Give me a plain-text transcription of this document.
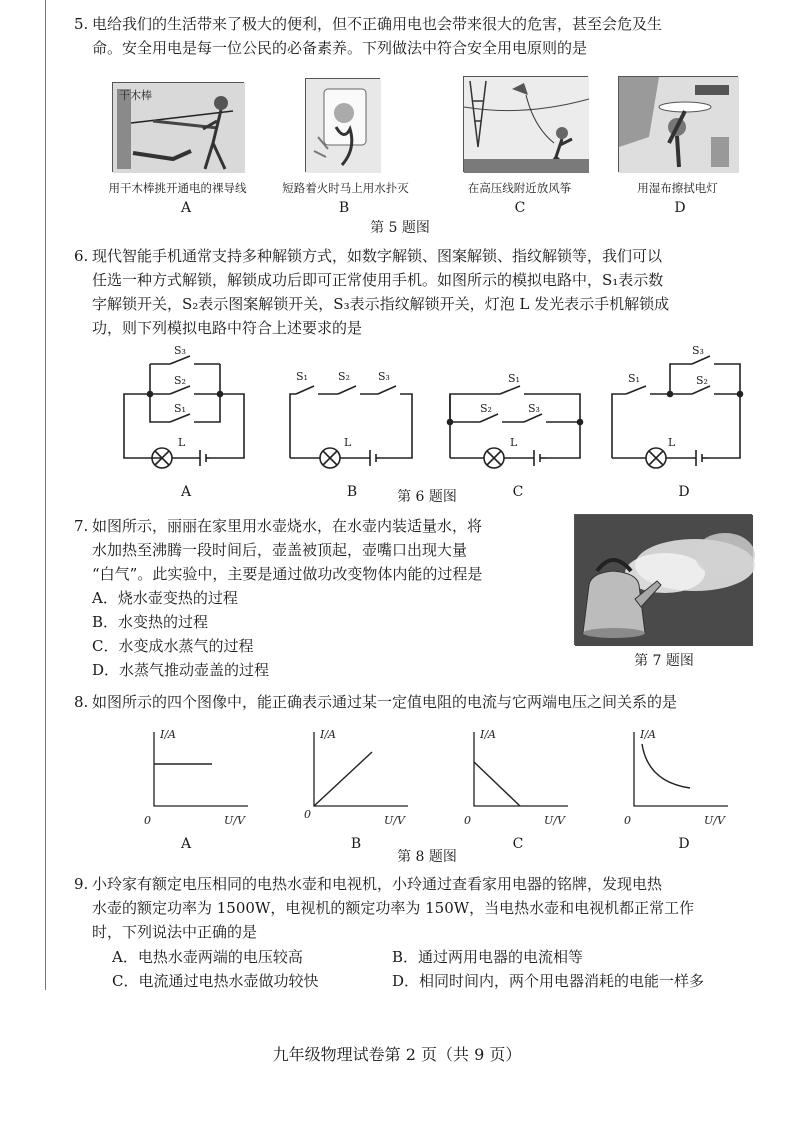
5. 电给我们的生活带来了极大的便利，但不正确用电也会带来很大的危害，甚至会危及生
命。安全用电是每一位公民的必备素养。下列做法中符合安全用电原则的是
干木棒
用干木棒挑开通电的裸导线	短路着火时马上用水扑灭	在高压线附近放风筝	用湿布擦拭电灯
A	B	C	D
第 5 题图
6. 现代智能手机通常支持多种解锁方式，如数字解锁、图案解锁、指纹解锁等，我们可以
任选一种方式解锁，解锁成功后即可正常使用手机。如图所示的模拟电路中，S₁表示数
字解锁开关，S₂表示图案解锁开关，S₃表示指纹解锁开关，灯泡 L 发光表示手机解锁成
功，则下列模拟电路中符合上述要求的是
S₃
S₂
S₁
L
S₁	S₂	S₃
L
S₁
S₂	S₃
L
S₁
S₃
S₂
L
A	B	C	D
第 6 题图
7. 如图所示，丽丽在家里用水壶烧水，在水壶内装适量水，将
水加热至沸腾一段时间后，壶盖被顶起，壶嘴口出现大量
“白气”。此实验中，主要是通过做功改变物体内能的过程是
A．烧水壶变热的过程
B．水变热的过程
C．水变成水蒸气的过程
D．水蒸气推动壶盖的过程	第 7 题图
8. 如图所示的四个图像中，能正确表示通过某一定值电阻的电流与它两端电压之间关系的是
I/A
0	U/V
I/A
0	U/V
I/A
0	U/V
I/A
0	U/V
A	B	C	D
第 8 题图
9. 小玲家有额定电压相同的电热水壶和电视机，小玲通过查看家用电器的铭牌，发现电热
水壶的额定功率为 1500W，电视机的额定功率为 150W，当电热水壶和电视机都正常工作
时，下列说法中正确的是
A．电热水壶两端的电压较高	B．通过两用电器的电流相等
C．电流通过电热水壶做功较快	D．相同时间内，两个用电器消耗的电能一样多
九年级物理试卷第 2 页（共 9 页）
